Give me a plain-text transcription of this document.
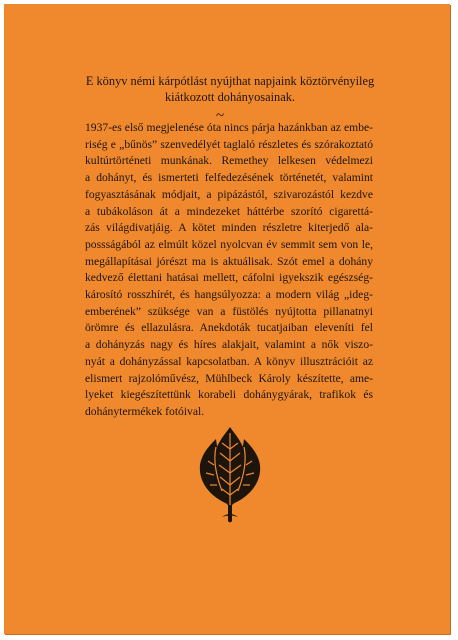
E könyv némi kárpótlást nyújthat napjaink köztörvényileg
kiátkozott dohányosainak.
~
1937-es első megjelenése óta nincs párja hazánkban az embe-
riség e „bűnös” szenvedélyét taglaló részletes és szórakoztató
kultúrtörténeti munkának. Remethey lelkesen védelmezi
a dohányt, és ismerteti felfedezésének történetét, valamint
fogyasztásának módjait, a pipázástól, szivarozástól kezdve
a tubákoláson át a mindezeket háttérbe szorító cigarettá-
zás világdivatjáig. A kötet minden részletre kiterjedő ala-
possságából az elmúlt közel nyolcvan év semmit sem von le,
megállapításai jórészt ma is aktuálisak. Szót emel a dohány
kedvező élettani hatásai mellett, cáfolni igyekszik egészség-
károsító rosszhírét, és hangsúlyozza: a modern világ „ideg-
emberének” szüksége van a füstölés nyújtotta pillanatnyi
örömre és ellazulásra. Anekdoták tucatjaiban eleveníti fel
a dohányzás nagy és híres alakjait, valamint a nők viszo-
nyát a dohányzással kapcsolatban. A könyv illusztrációit az
elismert rajzolóművész, Mühlbeck Károly készítette, ame-
lyeket kiegészítettünk korabeli dohánygyárak, trafikok és
dohánytermékek fotóival.
